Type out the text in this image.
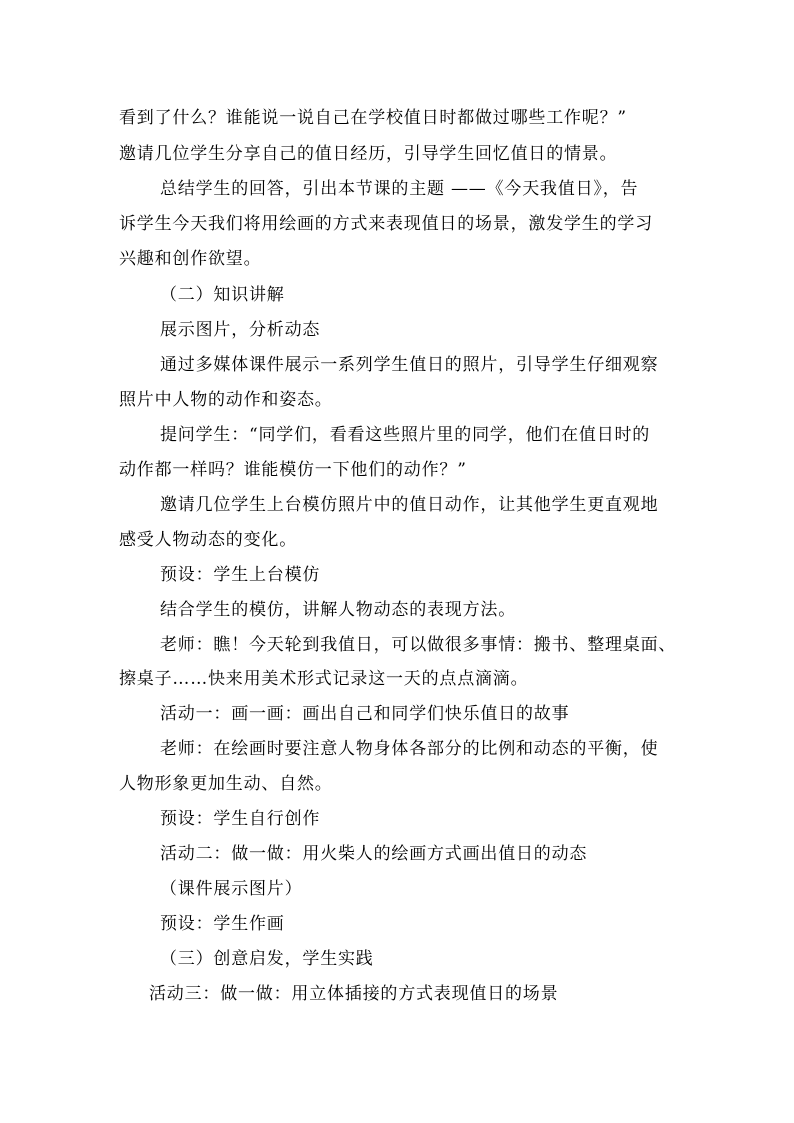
看到了什么？谁能说一说自己在学校值日时都做过哪些工作呢？”
邀请几位学生分享自己的值日经历，引导学生回忆值日的情景。
总结学生的回答，引出本节课的主题 ——《今天我值日》，告
诉学生今天我们将用绘画的方式来表现值日的场景，激发学生的学习
兴趣和创作欲望。
（二）知识讲解
展示图片，分析动态
通过多媒体课件展示一系列学生值日的照片，引导学生仔细观察
照片中人物的动作和姿态。
提问学生：“同学们，看看这些照片里的同学，他们在值日时的
动作都一样吗？谁能模仿一下他们的动作？”
邀请几位学生上台模仿照片中的值日动作，让其他学生更直观地
感受人物动态的变化。
预设：学生上台模仿
结合学生的模仿，讲解人物动态的表现方法。
老师：瞧！今天轮到我值日，可以做很多事情：搬书、整理桌面、
擦桌子……快来用美术形式记录这一天的点点滴滴。
活动一：画一画：画出自己和同学们快乐值日的故事
老师：在绘画时要注意人物身体各部分的比例和动态的平衡，使
人物形象更加生动、自然。
预设：学生自行创作
活动二：做一做：用火柴人的绘画方式画出值日的动态
（课件展示图片）
预设：学生作画
（三）创意启发，学生实践
活动三：做一做：用立体插接的方式表现值日的场景
